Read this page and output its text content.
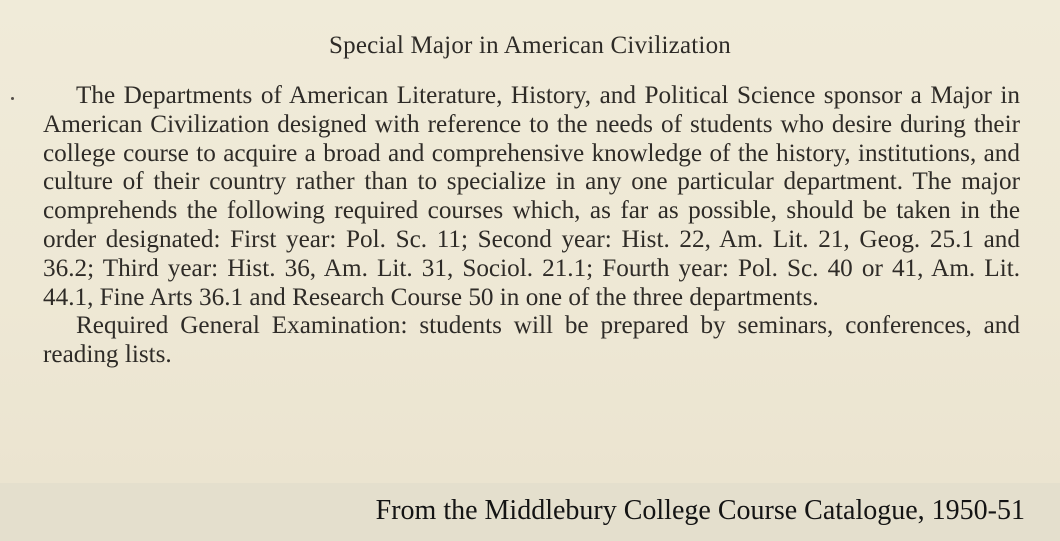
Special Major in American Civilization

The Departments of American Literature, History, and Political Science sponsor a Major in American Civilization designed with reference to the needs of students who desire during their college course to acquire a broad and comprehensive knowledge of the history, institutions, and culture of their country rather than to specialize in any one particular department. The major comprehends the following required courses which, as far as possible, should be taken in the order designated: First year: Pol. Sc. 11; Second year: Hist. 22, Am. Lit. 21, Geog. 25.1 and 36.2; Third year: Hist. 36, Am. Lit. 31, Sociol. 21.1; Fourth year: Pol. Sc. 40 or 41, Am. Lit. 44.1, Fine Arts 36.1 and Research Course 50 in one of the three departments.

Required General Examination: students will be prepared by seminars, conferences, and reading lists.

From the Middlebury College Course Catalogue, 1950-51
